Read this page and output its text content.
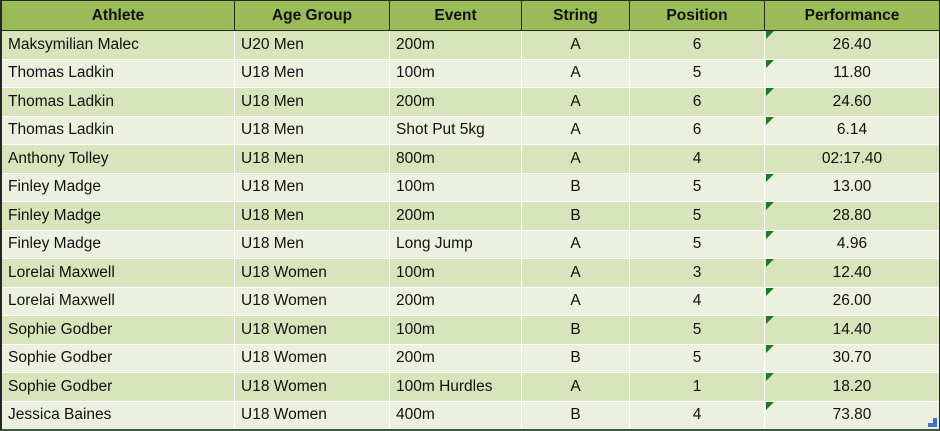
Athlete	Age Group	Event	String	Position	Performance
Maksymilian Malec	U20 Men	200m	A	6	26.40
Thomas Ladkin	U18 Men	100m	A	5	11.80
Thomas Ladkin	U18 Men	200m	A	6	24.60
Thomas Ladkin	U18 Men	Shot Put 5kg	A	6	6.14
Anthony Tolley	U18 Men	800m	A	4	02:17.40
Finley Madge	U18 Men	100m	B	5	13.00
Finley Madge	U18 Men	200m	B	5	28.80
Finley Madge	U18 Men	Long Jump	A	5	4.96
Lorelai Maxwell	U18 Women	100m	A	3	12.40
Lorelai Maxwell	U18 Women	200m	A	4	26.00
Sophie Godber	U18 Women	100m	B	5	14.40
Sophie Godber	U18 Women	200m	B	5	30.70
Sophie Godber	U18 Women	100m Hurdles	A	1	18.20
Jessica Baines	U18 Women	400m	B	4	73.80
